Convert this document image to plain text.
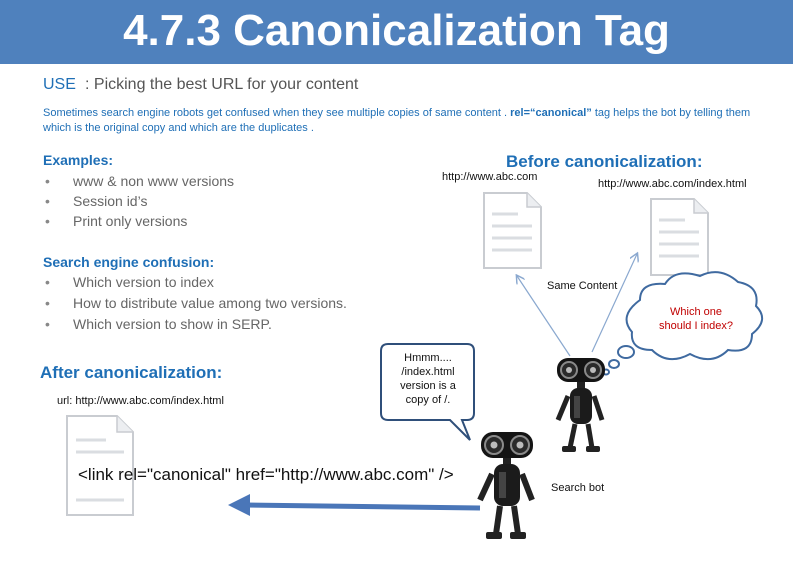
4.7.3 Canonicalization Tag
USE : Picking the best URL for your content
Sometimes search engine robots get confused when they see multiple copies of same content . rel=“canonical” tag helps the bot by telling them which is the original copy and which are the duplicates .
Examples:
• www & non www versions
• Session id’s
• Print only versions
Search engine confusion:
• Which version to index
• How to distribute value among two versions.
• Which version to show in SERP.
Before canonicalization:
http://www.abc.com
http://www.abc.com/index.html
Same Content
Which one
should I index?
Hmmm....
/index.html
version is a
copy of /.
After canonicalization:
url: http://www.abc.com/index.html
<link rel="canonical" href="http://www.abc.com" />
Search bot
